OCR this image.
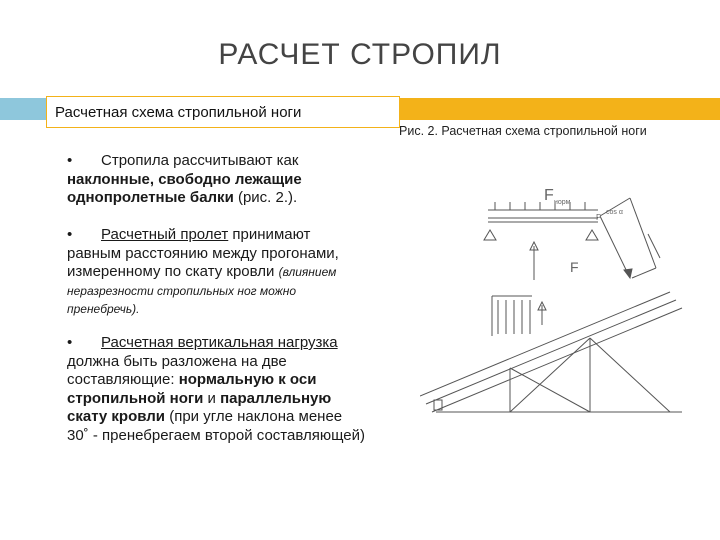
РАСЧЕТ СТРОПИЛ
Расчетная схема стропильной ноги
Рис. 2. Расчетная схема стропильной ноги
• Стропила рассчитывают как наклонные, свободно лежащие однопролетные балки (рис. 2.).
• Расчетный пролет принимают равным расстоянию между прогонами, измеренному по скату кровли (влиянием неразрезности стропильных ног можно пренебречь).
• Расчетная вертикальная нагрузка должна быть разложена на две составляющие: нормальную к оси стропильной ноги и параллельную скату кровли (при угле наклона менее 30˚ - пренебрегаем второй составляющей)
F норм
F
F
cos α
